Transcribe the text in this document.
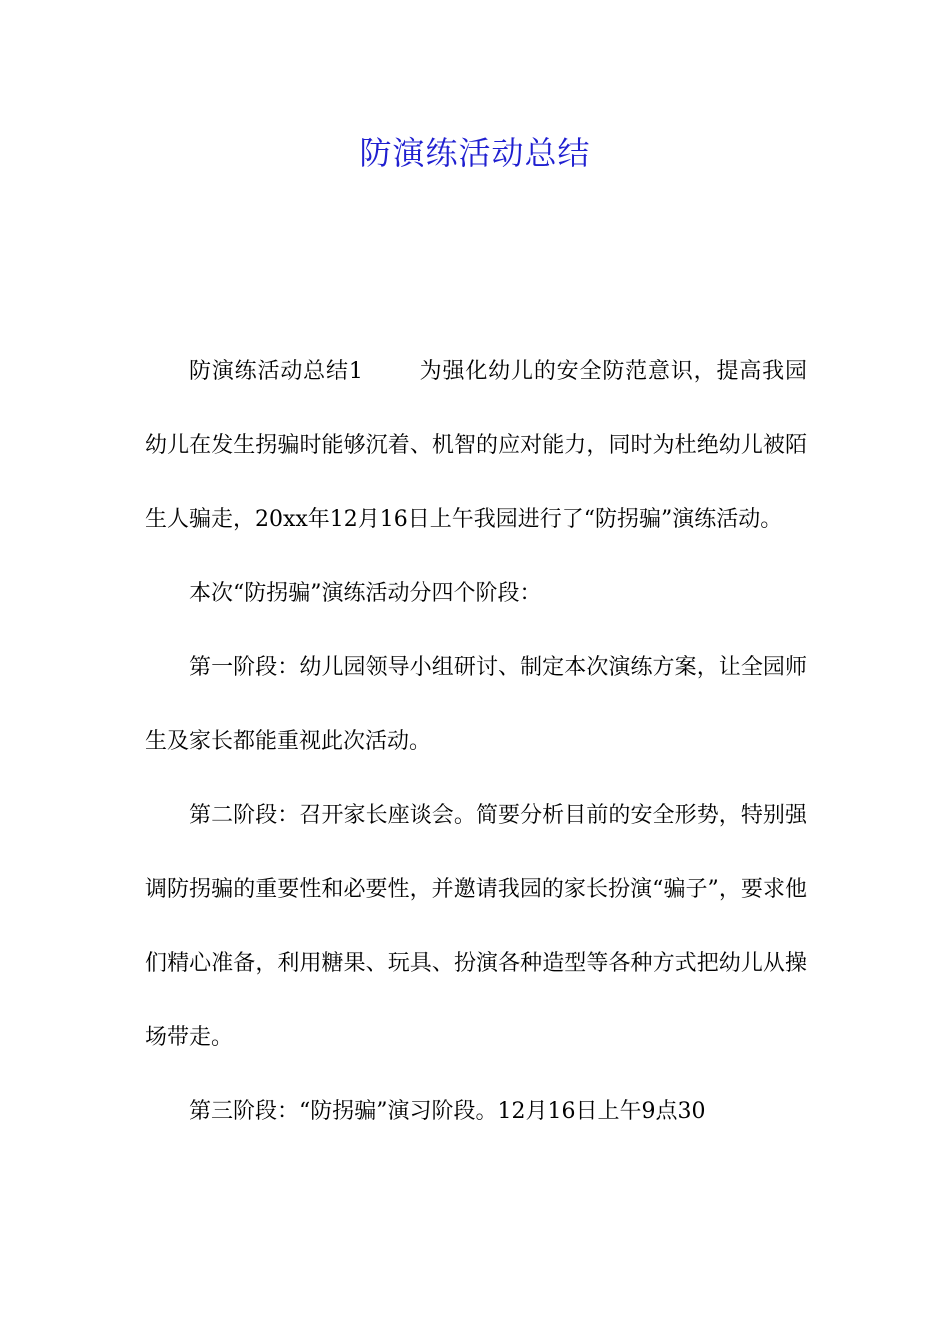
防演练活动总结

防演练活动总结1	为强化幼儿的安全防范意识，提高我园幼儿在发生拐骗时能够沉着、机智的应对能力，同时为杜绝幼儿被陌生人骗走，20xx年12月16日上午我园进行了“防拐骗”演练活动。

本次“防拐骗”演练活动分四个阶段：

第一阶段：幼儿园领导小组研讨、制定本次演练方案，让全园师生及家长都能重视此次活动。

第二阶段：召开家长座谈会。简要分析目前的安全形势，特别强调防拐骗的重要性和必要性，并邀请我园的家长扮演“骗子”，要求他们精心准备，利用糖果、玩具、扮演各种造型等各种方式把幼儿从操场带走。

第三阶段：“防拐骗”演习阶段。12月16日上午9点30
